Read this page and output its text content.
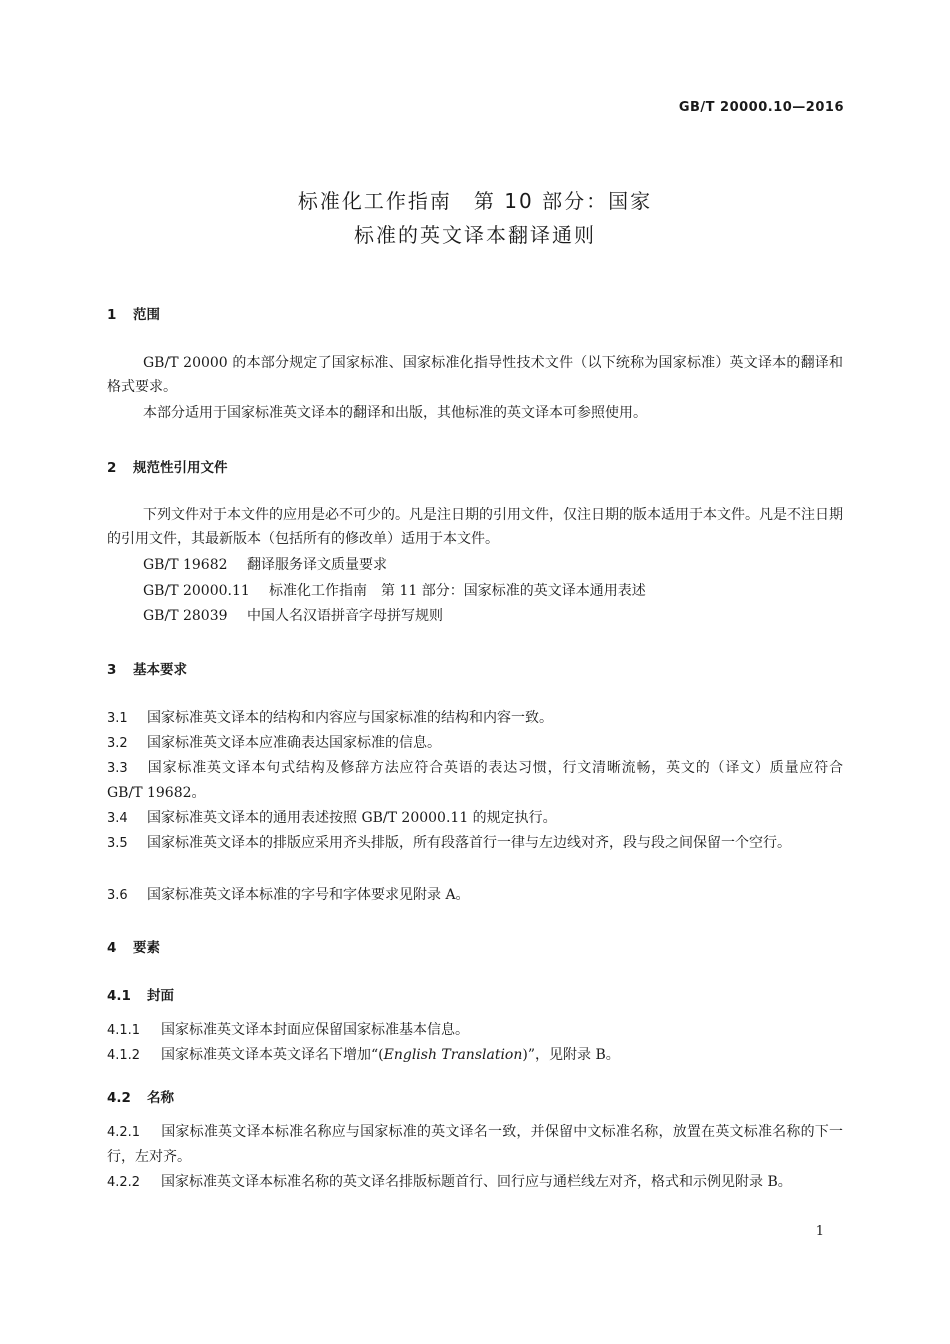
GB/T 20000.10—2016
标准化工作指南　第 10 部分：国家
标准的英文译本翻译通则
1 范围
GB/T 20000 的本部分规定了国家标准、国家标准化指导性技术文件（以下统称为国家标准）英文译本的翻译和格式要求。
本部分适用于国家标准英文译本的翻译和出版，其他标准的英文译本可参照使用。
2 规范性引用文件
下列文件对于本文件的应用是必不可少的。凡是注日期的引用文件，仅注日期的版本适用于本文件。凡是不注日期的引用文件，其最新版本（包括所有的修改单）适用于本文件。
GB/T 19682 翻译服务译文质量要求
GB/T 20000.11 标准化工作指南　第 11 部分：国家标准的英文译本通用表述
GB/T 28039 中国人名汉语拼音字母拼写规则
3 基本要求
3.1 国家标准英文译本的结构和内容应与国家标准的结构和内容一致。
3.2 国家标准英文译本应准确表达国家标准的信息。
3.3 国家标准英文译本句式结构及修辞方法应符合英语的表达习惯，行文清晰流畅，英文的（译文）质量应符合 GB/T 19682。
3.4 国家标准英文译本的通用表述按照 GB/T 20000.11 的规定执行。
3.5 国家标准英文译本的排版应采用齐头排版，所有段落首行一律与左边线对齐，段与段之间保留一个空行。
3.6 国家标准英文译本标准的字号和字体要求见附录 A。
4 要素
4.1 封面
4.1.1 国家标准英文译本封面应保留国家标准基本信息。
4.1.2 国家标准英文译本英文译名下增加“(English Translation)”，见附录 B。
4.2 名称
4.2.1 国家标准英文译本标准名称应与国家标准的英文译名一致，并保留中文标准名称，放置在英文标准名称的下一行，左对齐。
4.2.2 国家标准英文译本标准名称的英文译名排版标题首行、回行应与通栏线左对齐，格式和示例见附录 B。
1
